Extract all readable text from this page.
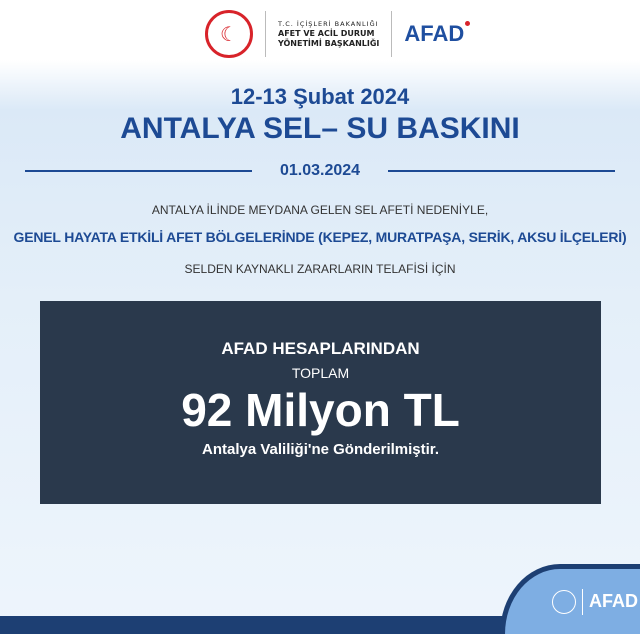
☾	T.C. İÇİŞLERİ BAKANLIĞI
AFET VE ACİL DURUM
YÖNETİMİ BAŞKANLIĞI AFAD
12-13 Şubat 2024
ANTALYA SEL– SU BASKINI
01.03.2024
ANTALYA İLİNDE MEYDANA GELEN SEL AFETİ NEDENİYLE,
GENEL HAYATA ETKİLİ AFET BÖLGELERİNDE (KEPEZ, MURATPAŞA, SERİK, AKSU İLÇELERİ)
SELDEN KAYNAKLI ZARARLARIN TELAFİSİ İÇİN
AFAD HESAPLARINDAN
TOPLAM
92 Milyon TL
Antalya Valiliği'ne Gönderilmiştir.
AFAD
